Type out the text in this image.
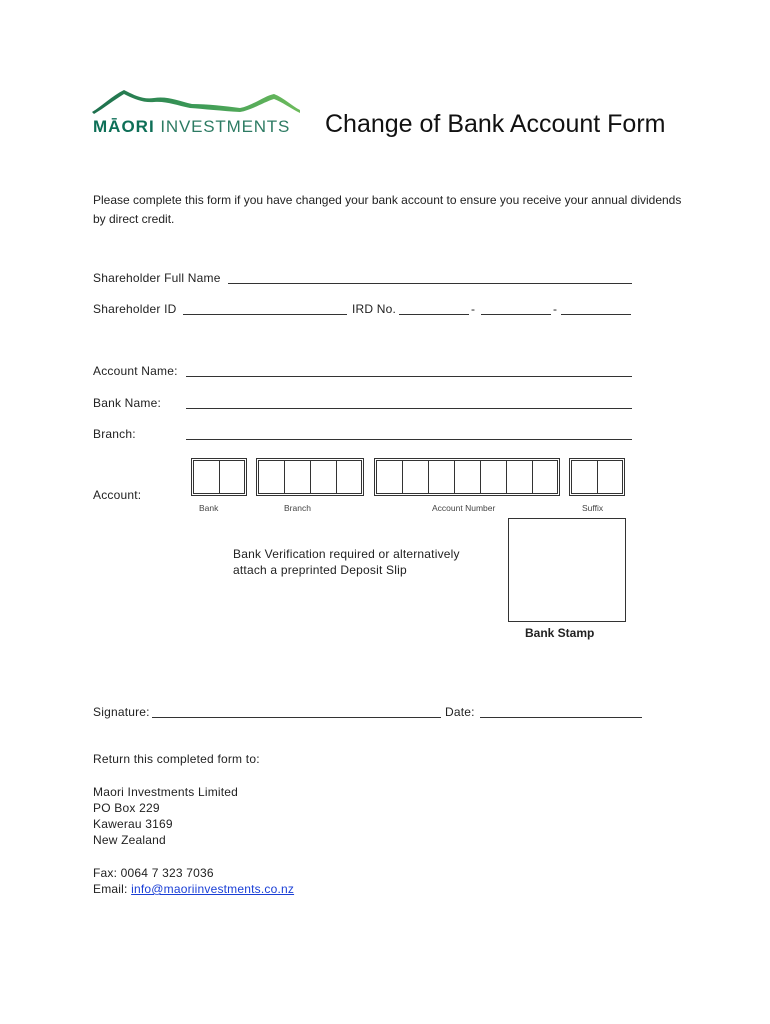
MĀORI INVESTMENTS Change of Bank Account Form
Please complete this form if you have changed your bank account to ensure you receive your annual dividends by direct credit.
Shareholder Full Name
Shareholder ID	IRD No.	-	-
Account Name:
Bank Name:
Branch:
Account:
Bank	Branch	Account Number	Suffix
Bank Verification required or alternatively
attach a preprinted Deposit Slip
Bank Stamp
Signature:	Date:
Return this completed form to:
Maori Investments Limited
PO Box 229
Kawerau 3169
New Zealand
Fax: 0064 7 323 7036
Email: info@maoriinvestments.co.nz
